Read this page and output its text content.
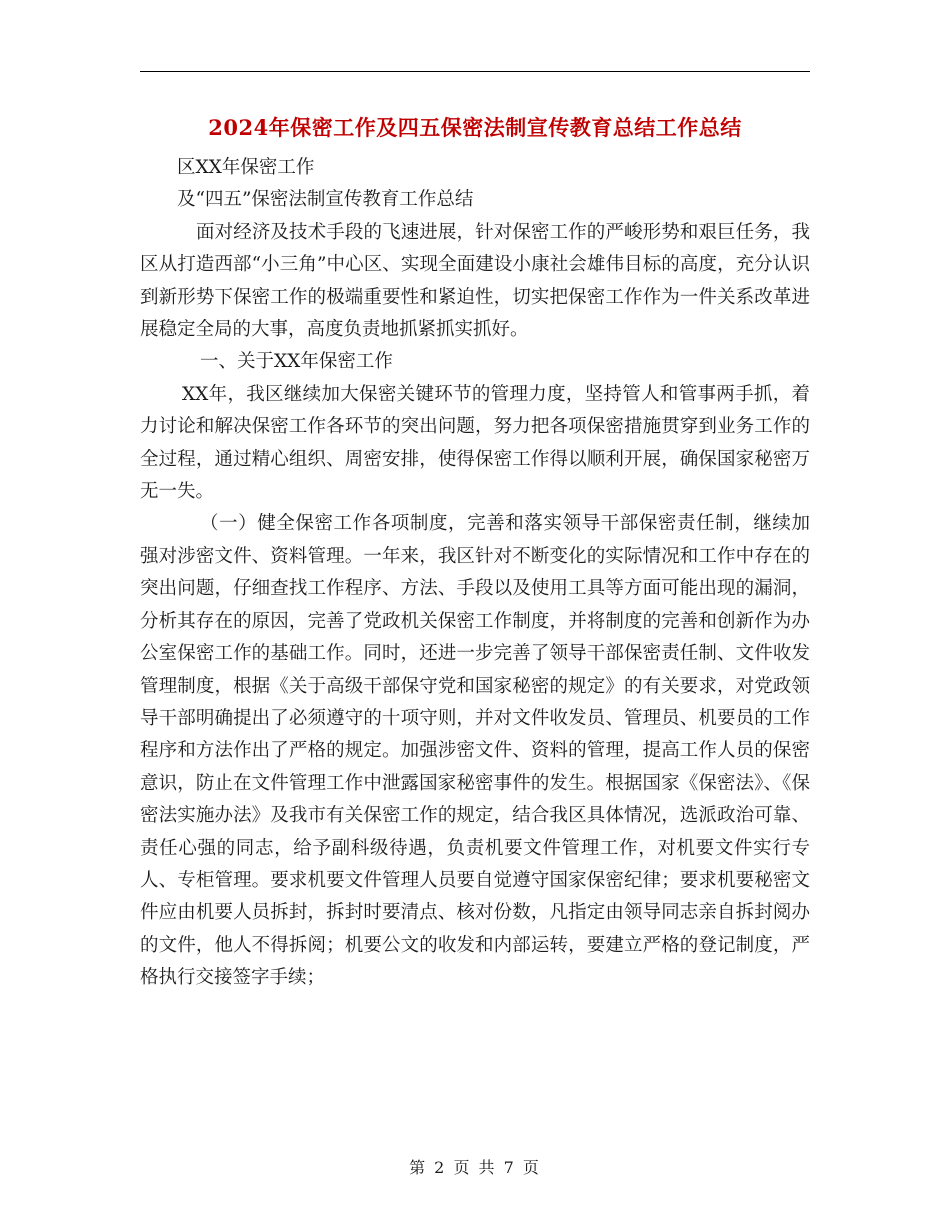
2024年保密工作及四五保密法制宣传教育总结工作总结

区XX年保密工作

及“四五”保密法制宣传教育工作总结

面对经济及技术手段的飞速进展，针对保密工作的严峻形势和艰巨任务，我区从打造西部“小三角”中心区、实现全面建设小康社会雄伟目标的高度，充分认识到新形势下保密工作的极端重要性和紧迫性，切实把保密工作作为一件关系改革进展稳定全局的大事，高度负责地抓紧抓实抓好。

一、关于XX年保密工作

XX年，我区继续加大保密关键环节的管理力度，坚持管人和管事两手抓，着力讨论和解决保密工作各环节的突出问题，努力把各项保密措施贯穿到业务工作的全过程，通过精心组织、周密安排，使得保密工作得以顺利开展，确保国家秘密万无一失。

（一）健全保密工作各项制度，完善和落实领导干部保密责任制，继续加强对涉密文件、资料管理。一年来，我区针对不断变化的实际情况和工作中存在的突出问题，仔细查找工作程序、方法、手段以及使用工具等方面可能出现的漏洞，分析其存在的原因，完善了党政机关保密工作制度，并将制度的完善和创新作为办公室保密工作的基础工作。同时，还进一步完善了领导干部保密责任制、文件收发管理制度，根据《关于高级干部保守党和国家秘密的规定》的有关要求，对党政领导干部明确提出了必须遵守的十项守则，并对文件收发员、管理员、机要员的工作程序和方法作出了严格的规定。加强涉密文件、资料的管理，提高工作人员的保密意识，防止在文件管理工作中泄露国家秘密事件的发生。根据国家《保密法》、《保密法实施办法》及我市有关保密工作的规定，结合我区具体情况，选派政治可靠、责任心强的同志，给予副科级待遇，负责机要文件管理工作，对机要文件实行专人、专柜管理。要求机要文件管理人员要自觉遵守国家保密纪律；要求机要秘密文件应由机要人员拆封，拆封时要清点、核对份数，凡指定由领导同志亲自拆封阅办的文件，他人不得拆阅；机要公文的收发和内部运转，要建立严格的登记制度，严格执行交接签字手续；

第 2 页 共 7 页
